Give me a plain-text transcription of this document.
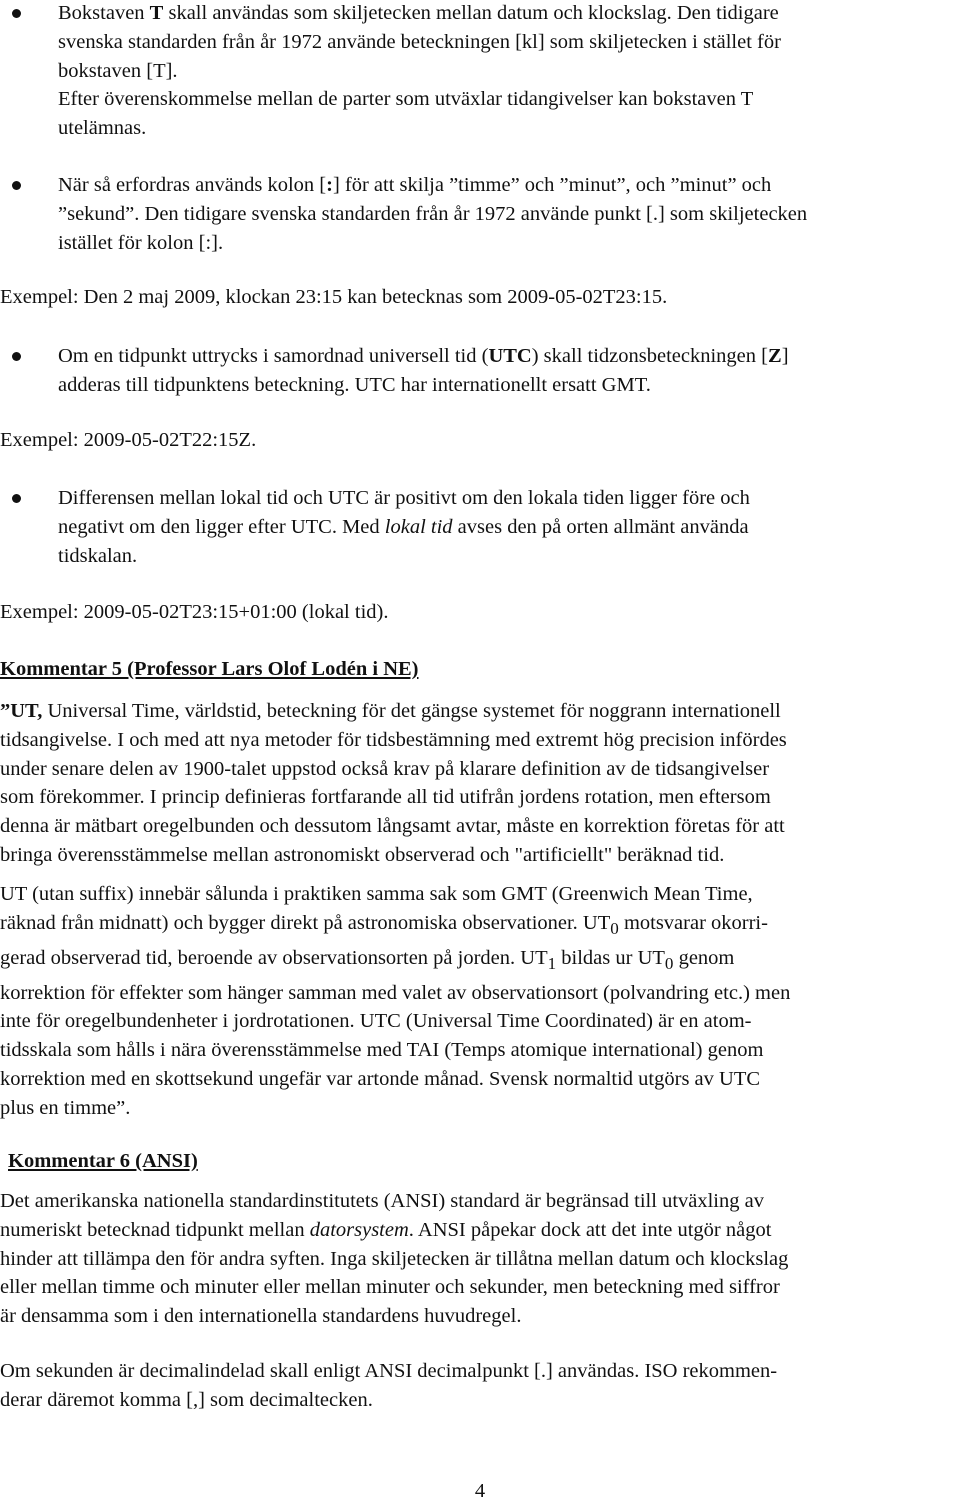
Bokstaven T skall användas som skiljetecken mellan datum och klockslag. Den tidigare
svenska standarden från år 1972 använde beteckningen [kl] som skiljetecken i stället för
bokstaven [T].
Efter överenskommelse mellan de parter som utväxlar tidangivelser kan bokstaven T
utelämnas.
När så erfordras används kolon [:] för att skilja ”timme” och ”minut”, och ”minut” och
”sekund”. Den tidigare svenska standarden från år 1972 använde punkt [.] som skiljetecken
istället för kolon [:].

Exempel: Den 2 maj 2009, klockan 23:15 kan betecknas som 2009-05-02T23:15.

Om en tidpunkt uttrycks i samordnad universell tid (UTC) skall tidzonsbeteckningen [Z]
adderas till tidpunktens beteckning. UTC har internationellt ersatt GMT.

Exempel: 2009-05-02T22:15Z.

Differensen mellan lokal tid och UTC är positivt om den lokala tiden ligger före och
negativt om den ligger efter UTC. Med lokal tid avses den på orten allmänt använda
tidskalan.

Exempel: 2009-05-02T23:15+01:00 (lokal tid).

Kommentar 5 (Professor Lars Olof Lodén i NE)

”UT, Universal Time, världstid, beteckning för det gängse systemet för noggrann internationell
tidsangivelse. I och med att nya metoder för tidsbestämning med extremt hög precision infördes
under senare delen av 1900-talet uppstod också krav på klarare definition av de tidsangivelser
som förekommer. I princip definieras fortfarande all tid utifrån jordens rotation, men eftersom
denna är mätbart oregelbunden och dessutom långsamt avtar, måste en korrektion företas för att
bringa överensstämmelse mellan astronomiskt observerad och "artificiellt" beräknad tid.
UT (utan suffix) innebär sålunda i praktiken samma sak som GMT (Greenwich Mean Time,
räknad från midnatt) och bygger direkt på astronomiska observationer. $UT_0$ motsvarar okorri-
gerad observerad tid, beroende av observationsorten på jorden. $UT_1$ bildas ur $UT_0$ genom
korrektion för effekter som hänger samman med valet av observationsort (polvandring etc.) men
inte för oregelbundenheter i jordrotationen. UTC (Universal Time Coordinated) är en atom-
tidsskala som hålls i nära överensstämmelse med TAI (Temps atomique international) genom
korrektion med en skottsekund ungefär var artonde månad. Svensk normaltid utgörs av UTC
plus en timme”.

Kommentar 6 (ANSI)

Det amerikanska nationella standardinstitutets (ANSI) standard är begränsad till utväxling av
numeriskt betecknad tidpunkt mellan datorsystem. ANSI påpekar dock att det inte utgör något
hinder att tillämpa den för andra syften. Inga skiljetecken är tillåtna mellan datum och klockslag
eller mellan timme och minuter eller mellan minuter och sekunder, men beteckning med siffror
är densamma som i den internationella standardens huvudregel.
Om sekunden är decimalindelad skall enligt ANSI decimalpunkt [.] användas. ISO rekommen-
derar däremot komma [,] som decimaltecken.
4
